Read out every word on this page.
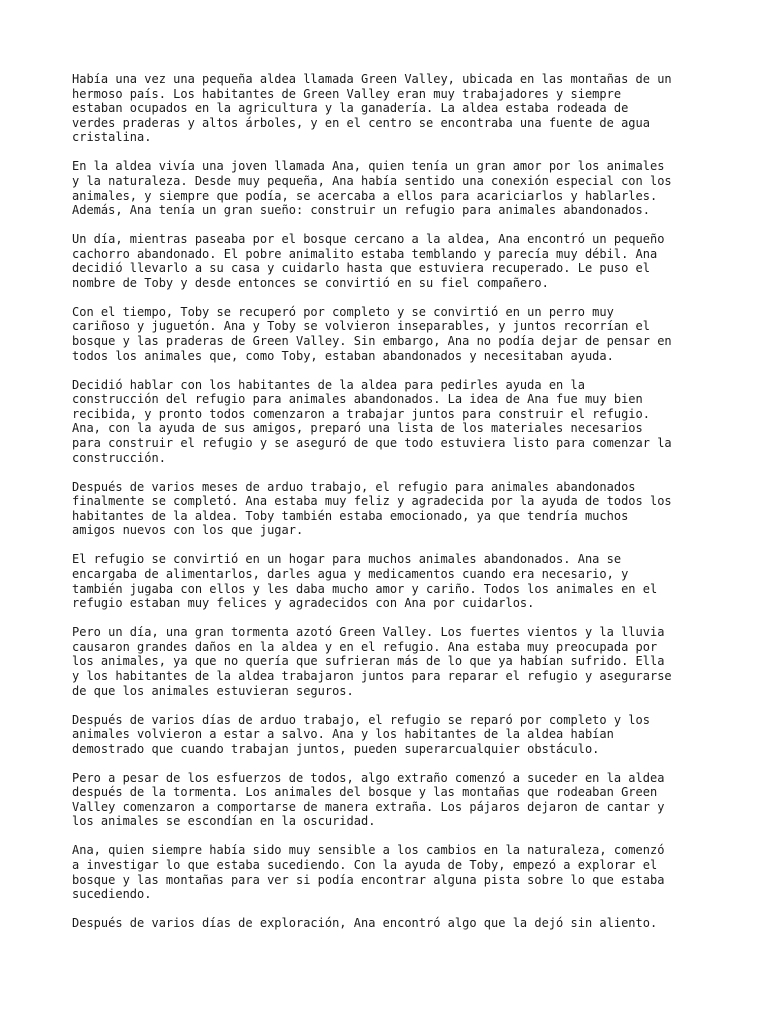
Había una vez una pequeña aldea llamada Green Valley, ubicada en las montañas de un
hermoso país. Los habitantes de Green Valley eran muy trabajadores y siempre
estaban ocupados en la agricultura y la ganadería. La aldea estaba rodeada de
verdes praderas y altos árboles, y en el centro se encontraba una fuente de agua
cristalina.

En la aldea vivía una joven llamada Ana, quien tenía un gran amor por los animales
y la naturaleza. Desde muy pequeña, Ana había sentido una conexión especial con los
animales, y siempre que podía, se acercaba a ellos para acariciarlos y hablarles.
Además, Ana tenía un gran sueño: construir un refugio para animales abandonados.

Un día, mientras paseaba por el bosque cercano a la aldea, Ana encontró un pequeño
cachorro abandonado. El pobre animalito estaba temblando y parecía muy débil. Ana
decidió llevarlo a su casa y cuidarlo hasta que estuviera recuperado. Le puso el
nombre de Toby y desde entonces se convirtió en su fiel compañero.

Con el tiempo, Toby se recuperó por completo y se convirtió en un perro muy
cariñoso y juguetón. Ana y Toby se volvieron inseparables, y juntos recorrían el
bosque y las praderas de Green Valley. Sin embargo, Ana no podía dejar de pensar en
todos los animales que, como Toby, estaban abandonados y necesitaban ayuda.

Decidió hablar con los habitantes de la aldea para pedirles ayuda en la
construcción del refugio para animales abandonados. La idea de Ana fue muy bien
recibida, y pronto todos comenzaron a trabajar juntos para construir el refugio.
Ana, con la ayuda de sus amigos, preparó una lista de los materiales necesarios
para construir el refugio y se aseguró de que todo estuviera listo para comenzar la
construcción.

Después de varios meses de arduo trabajo, el refugio para animales abandonados
finalmente se completó. Ana estaba muy feliz y agradecida por la ayuda de todos los
habitantes de la aldea. Toby también estaba emocionado, ya que tendría muchos
amigos nuevos con los que jugar.

El refugio se convirtió en un hogar para muchos animales abandonados. Ana se
encargaba de alimentarlos, darles agua y medicamentos cuando era necesario, y
también jugaba con ellos y les daba mucho amor y cariño. Todos los animales en el
refugio estaban muy felices y agradecidos con Ana por cuidarlos.

Pero un día, una gran tormenta azotó Green Valley. Los fuertes vientos y la lluvia
causaron grandes daños en la aldea y en el refugio. Ana estaba muy preocupada por
los animales, ya que no quería que sufrieran más de lo que ya habían sufrido. Ella
y los habitantes de la aldea trabajaron juntos para reparar el refugio y asegurarse
de que los animales estuvieran seguros.

Después de varios días de arduo trabajo, el refugio se reparó por completo y los
animales volvieron a estar a salvo. Ana y los habitantes de la aldea habían
demostrado que cuando trabajan juntos, pueden superarcualquier obstáculo.

Pero a pesar de los esfuerzos de todos, algo extraño comenzó a suceder en la aldea
después de la tormenta. Los animales del bosque y las montañas que rodeaban Green
Valley comenzaron a comportarse de manera extraña. Los pájaros dejaron de cantar y
los animales se escondían en la oscuridad.

Ana, quien siempre había sido muy sensible a los cambios en la naturaleza, comenzó
a investigar lo que estaba sucediendo. Con la ayuda de Toby, empezó a explorar el
bosque y las montañas para ver si podía encontrar alguna pista sobre lo que estaba
sucediendo.

Después de varios días de exploración, Ana encontró algo que la dejó sin aliento.
